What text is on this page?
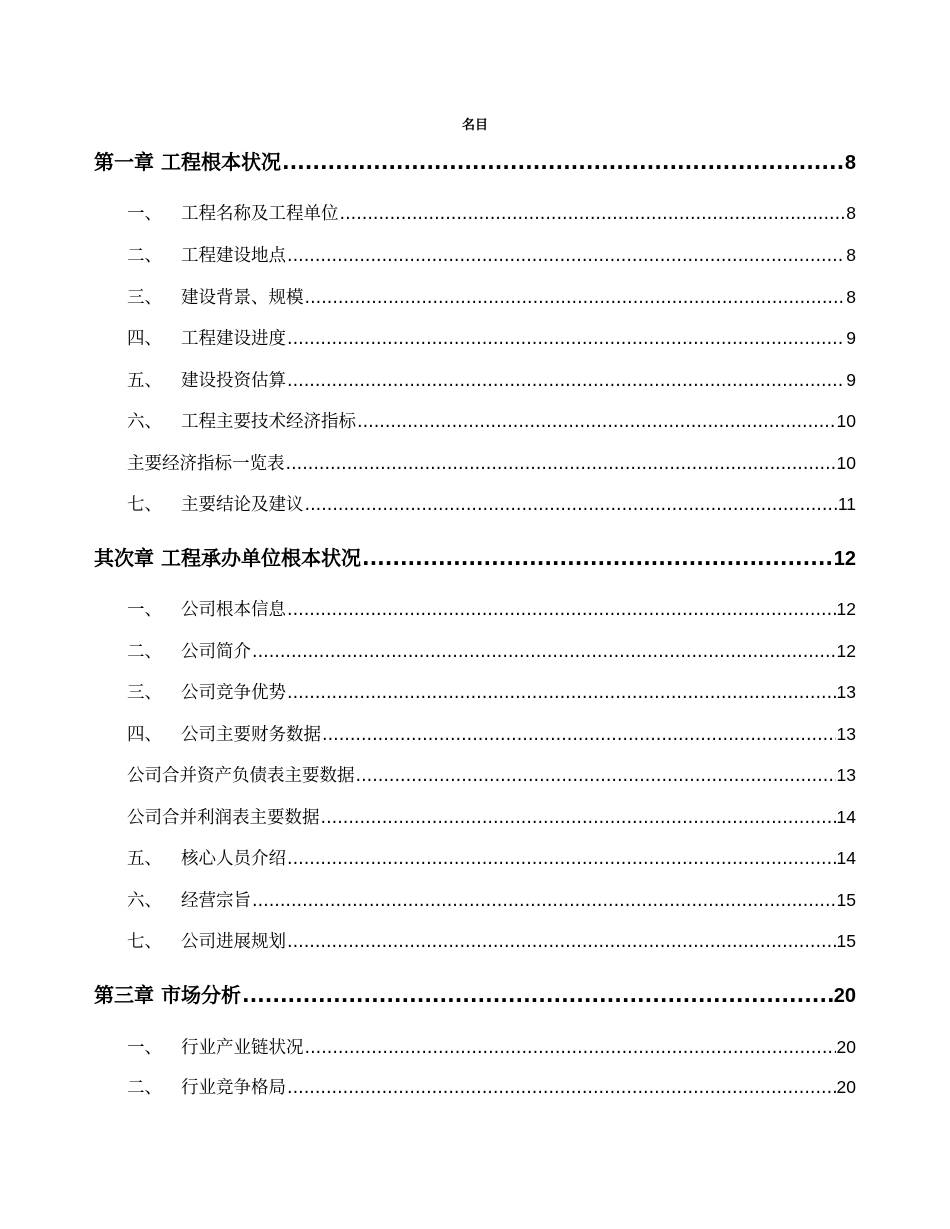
名目
第一章 工程根本状况 .....	8
一、 工程名称及工程单位 .....	8
二、 工程建设地点 .....	8
三、 建设背景、规模 .....	8
四、 工程建设进度 .....	9
五、 建设投资估算 .....	9
六、 工程主要技术经济指标 .....	10
主要经济指标一览表 .....	10
七、 主要结论及建议 .....	11
其次章 工程承办单位根本状况 .....	12
一、 公司根本信息 .....	12
二、 公司简介 .....	12
三、 公司竞争优势 .....	13
四、 公司主要财务数据 .....	13
公司合并资产负债表主要数据 .....	13
公司合并利润表主要数据 .....	14
五、 核心人员介绍 .....	14
六、 经营宗旨 .....	15
七、 公司进展规划 .....	15
第三章 市场分析 .....	20
一、 行业产业链状况 .....	20
二、 行业竞争格局 .....	20
